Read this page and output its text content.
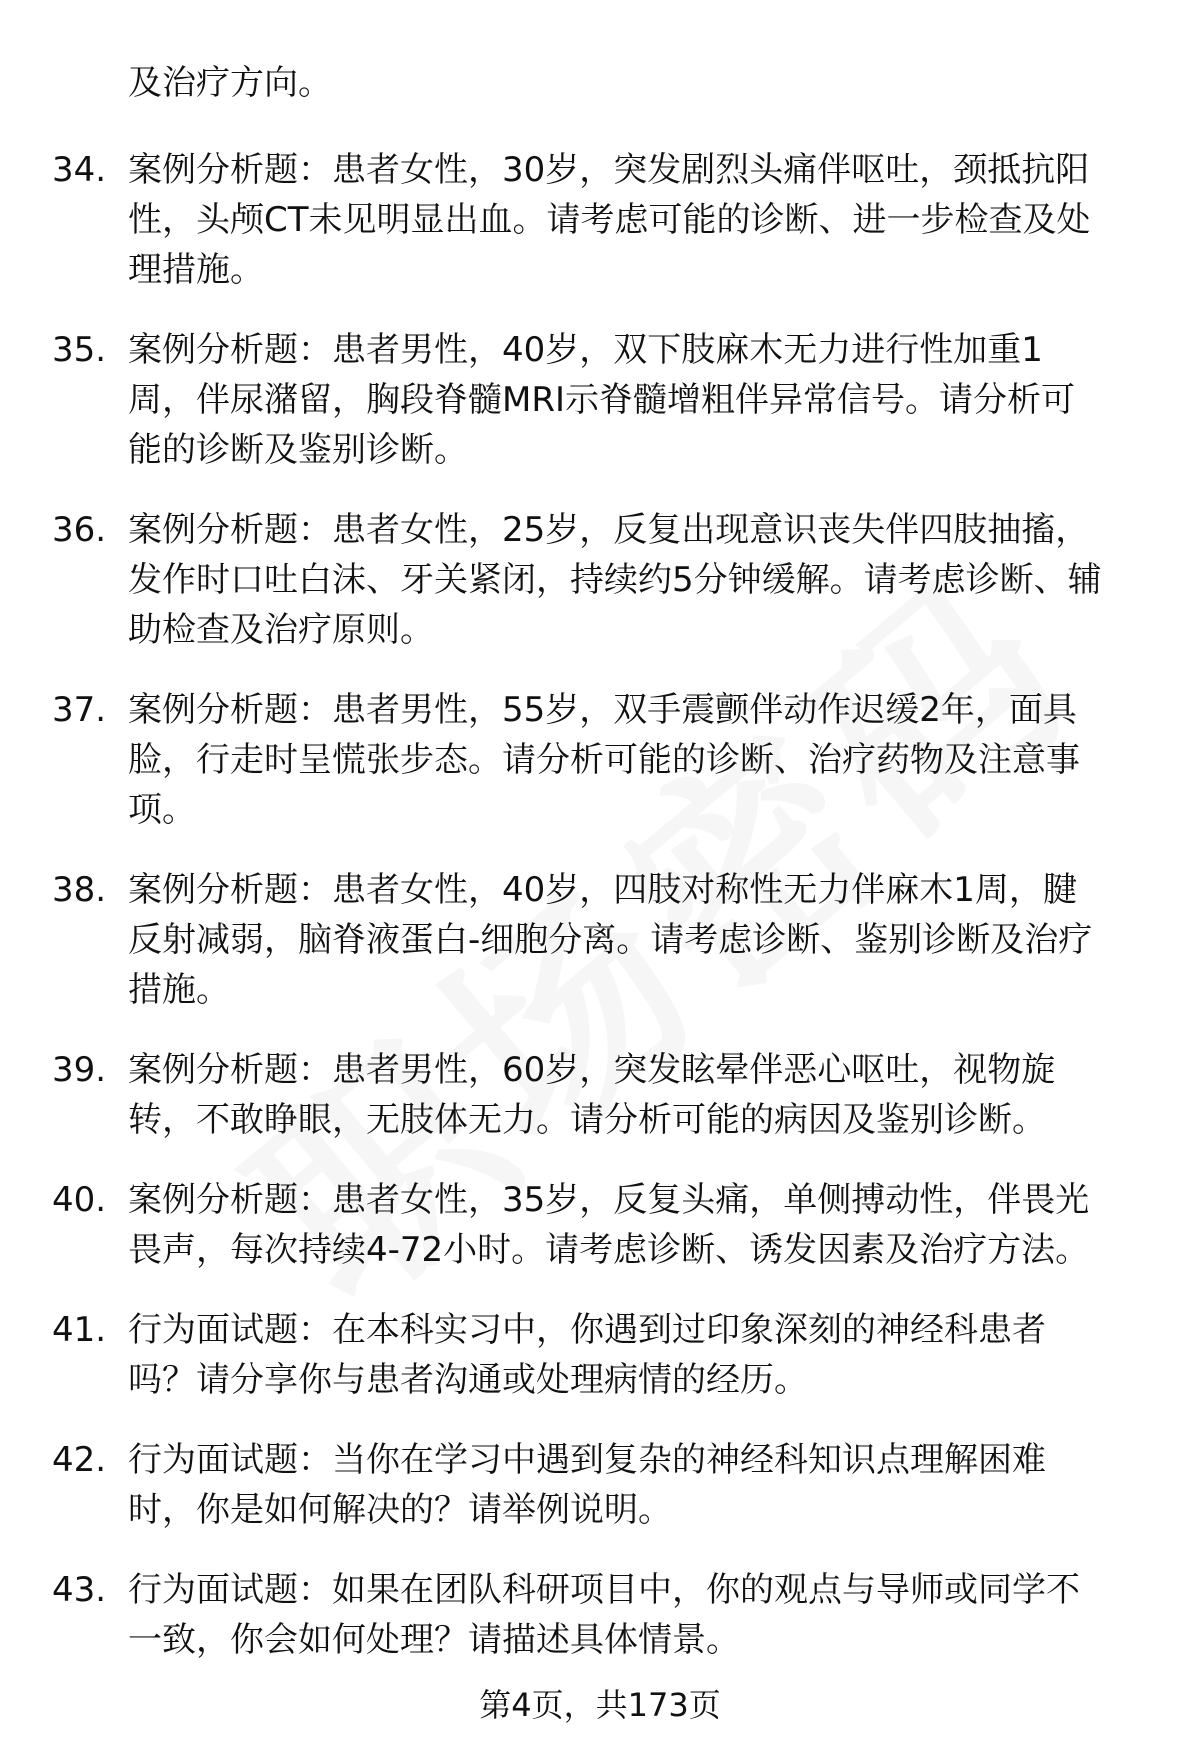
及治疗方向。

34. 案例分析题：患者女性，30岁，突发剧烈头痛伴呕吐，颈抵抗阳
性，头颅CT未见明显出血。请考虑可能的诊断、进一步检查及处
理措施。
35. 案例分析题：患者男性，40岁，双下肢麻木无力进行性加重1
周，伴尿潴留，胸段脊髓MRI示脊髓增粗伴异常信号。请分析可
能的诊断及鉴别诊断。
36. 案例分析题：患者女性，25岁，反复出现意识丧失伴四肢抽搐，
发作时口吐白沫、牙关紧闭，持续约5分钟缓解。请考虑诊断、辅
助检查及治疗原则。
37. 案例分析题：患者男性，55岁，双手震颤伴动作迟缓2年，面具
脸，行走时呈慌张步态。请分析可能的诊断、治疗药物及注意事
项。
38. 案例分析题：患者女性，40岁，四肢对称性无力伴麻木1周，腱
反射减弱，脑脊液蛋白-细胞分离。请考虑诊断、鉴别诊断及治疗
措施。
39. 案例分析题：患者男性，60岁，突发眩晕伴恶心呕吐，视物旋
转，不敢睁眼，无肢体无力。请分析可能的病因及鉴别诊断。
40. 案例分析题：患者女性，35岁，反复头痛，单侧搏动性，伴畏光
畏声，每次持续4-72小时。请考虑诊断、诱发因素及治疗方法。
41. 行为面试题：在本科实习中，你遇到过印象深刻的神经科患者
吗？请分享你与患者沟通或处理病情的经历。
42. 行为面试题：当你在学习中遇到复杂的神经科知识点理解困难
时，你是如何解决的？请举例说明。
43. 行为面试题：如果在团队科研项目中，你的观点与导师或同学不
一致，你会如何处理？请描述具体情景。
第4页，共173页
